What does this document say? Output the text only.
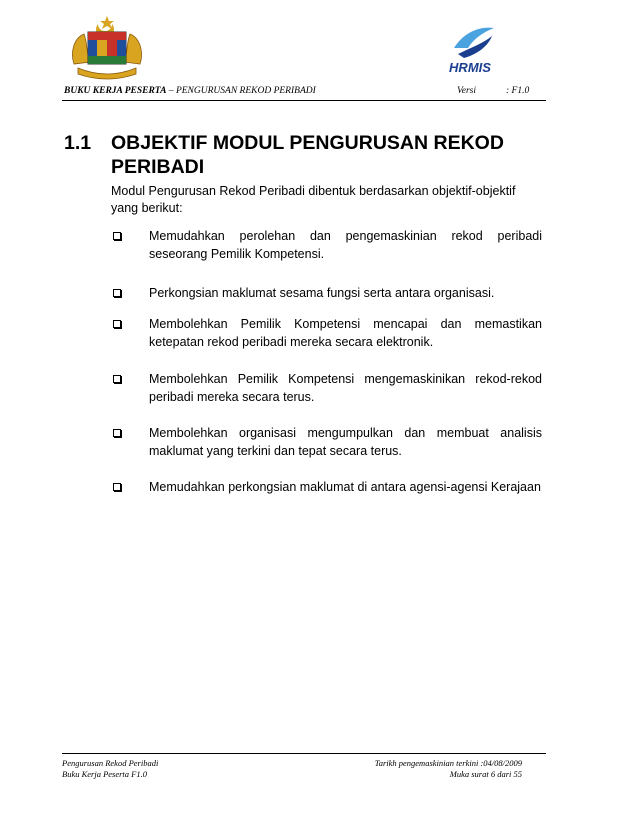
HRMIS
BUKU KERJA PESERTA – PENGURUSAN REKOD PERIBADI	Versi	: F1.0
1.1 OBJEKTIF MODUL PENGURUSAN REKOD PERIBADI
Modul Pengurusan Rekod Peribadi dibentuk berdasarkan objektif-objektif yang berikut:
Memudahkan perolehan dan pengemaskinian rekod peribadi seseorang Pemilik Kompetensi.
Perkongsian maklumat sesama fungsi serta antara organisasi.
Membolehkan Pemilik Kompetensi mencapai dan memastikan ketepatan rekod peribadi mereka secara elektronik.
Membolehkan Pemilik Kompetensi mengemaskinikan rekod-rekod peribadi mereka secara terus.
Membolehkan organisasi mengumpulkan dan membuat analisis maklumat yang terkini dan tepat secara terus.
Memudahkan perkongsian maklumat di antara agensi-agensi Kerajaan
Pengurusan Rekod Peribadi
Buku Kerja Peserta F1.0
Tarikh pengemaskinian terkini :04/08/2009
Muka surat 6 dari 55
